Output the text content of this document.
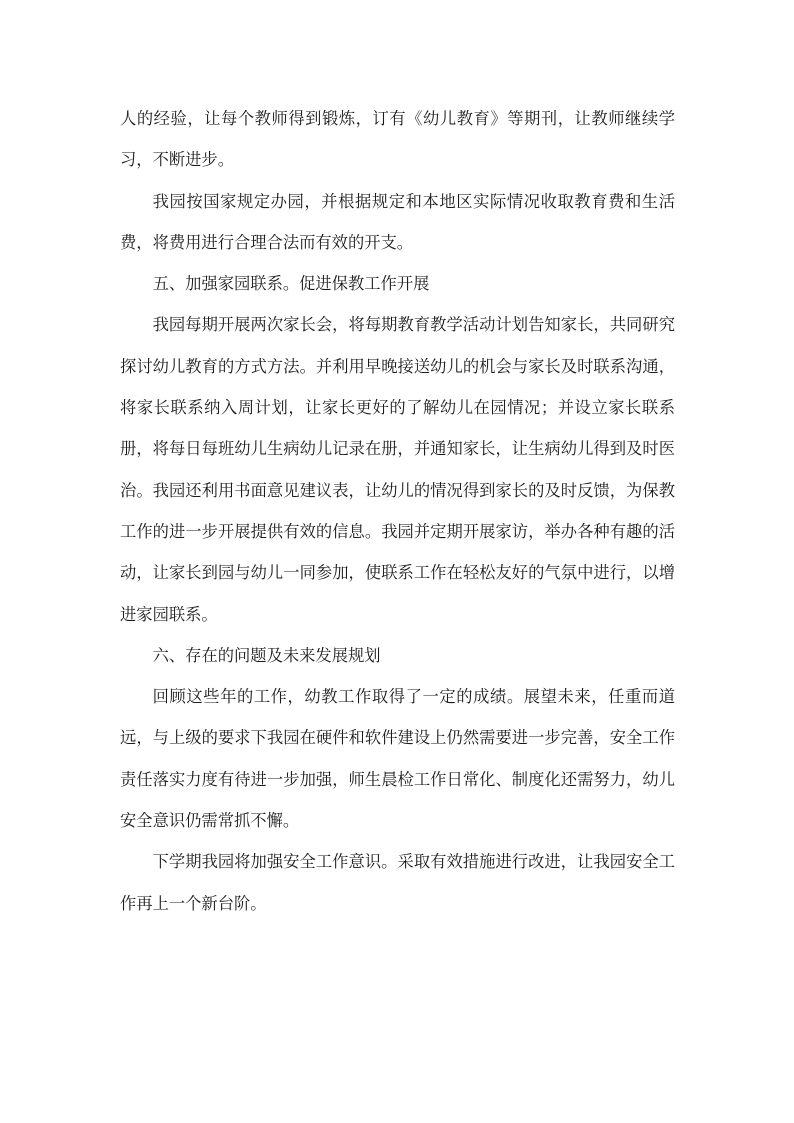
人的经验，让每个教师得到锻炼，订有《幼儿教育》等期刊，让教师继续学习，不断进步。

我园按国家规定办园，并根据规定和本地区实际情况收取教育费和生活费，将费用进行合理合法而有效的开支。

五、加强家园联系。促进保教工作开展

我园每期开展两次家长会，将每期教育教学活动计划告知家长，共同研究探讨幼儿教育的方式方法。并利用早晚接送幼儿的机会与家长及时联系沟通，将家长联系纳入周计划，让家长更好的了解幼儿在园情况；并设立家长联系册，将每日每班幼儿生病幼儿记录在册，并通知家长，让生病幼儿得到及时医治。我园还利用书面意见建议表，让幼儿的情况得到家长的及时反馈，为保教工作的进一步开展提供有效的信息。我园并定期开展家访，举办各种有趣的活动，让家长到园与幼儿一同参加，使联系工作在轻松友好的气氛中进行，以增进家园联系。

六、存在的问题及未来发展规划

回顾这些年的工作，幼教工作取得了一定的成绩。展望未来，任重而道远，与上级的要求下我园在硬件和软件建设上仍然需要进一步完善，安全工作责任落实力度有待进一步加强，师生晨检工作日常化、制度化还需努力，幼儿安全意识仍需常抓不懈。

下学期我园将加强安全工作意识。采取有效措施进行改进，让我园安全工作再上一个新台阶。
